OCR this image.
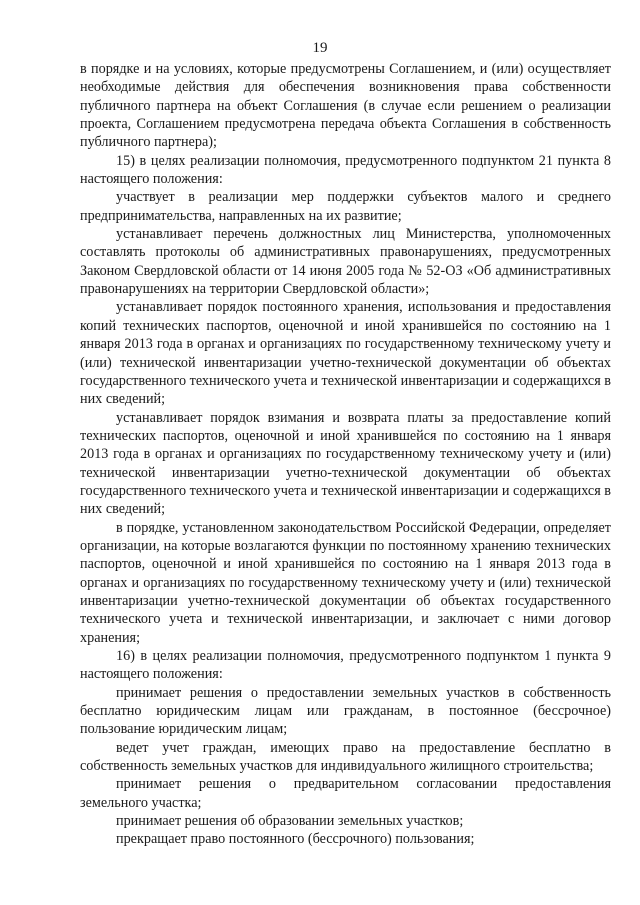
19

в порядке и на условиях, которые предусмотрены Соглашением, и (или) осуществляет необходимые действия для обеспечения возникновения права собственности публичного партнера на объект Соглашения (в случае если решением о реализации проекта, Соглашением предусмотрена передача объекта Соглашения в собственность публичного партнера);

15) в целях реализации полномочия, предусмотренного подпунктом 21 пункта 8 настоящего положения:

участвует в реализации мер поддержки субъектов малого и среднего предпринимательства, направленных на их развитие;

устанавливает перечень должностных лиц Министерства, уполномоченных составлять протоколы об административных правонарушениях, предусмотренных Законом Свердловской области от 14 июня 2005 года № 52-ОЗ «Об административных правонарушениях на территории Свердловской области»;

устанавливает порядок постоянного хранения, использования и предоставления копий технических паспортов, оценочной и иной хранившейся по состоянию на 1 января 2013 года в органах и организациях по государственному техническому учету и (или) технической инвентаризации учетно-технической документации об объектах государственного технического учета и технической инвентаризации и содержащихся в них сведений;

устанавливает порядок взимания и возврата платы за предоставление копий технических паспортов, оценочной и иной хранившейся по состоянию на 1 января 2013 года в органах и организациях по государственному техническому учету и (или) технической инвентаризации учетно-технической документации об объектах государственного технического учета и технической инвентаризации и содержащихся в них сведений;

в порядке, установленном законодательством Российской Федерации, определяет организации, на которые возлагаются функции по постоянному хранению технических паспортов, оценочной и иной хранившейся по состоянию на 1 января 2013 года в органах и организациях по государственному техническому учету и (или) технической инвентаризации учетно-технической документации об объектах государственного технического учета и технической инвентаризации, и заключает с ними договор хранения;

16) в целях реализации полномочия, предусмотренного подпунктом 1 пункта 9 настоящего положения:

принимает решения о предоставлении земельных участков в собственность бесплатно юридическим лицам или гражданам, в постоянное (бессрочное) пользование юридическим лицам;

ведет учет граждан, имеющих право на предоставление бесплатно в собственность земельных участков для индивидуального жилищного строительства;

принимает решения о предварительном согласовании предоставления земельного участка;

принимает решения об образовании земельных участков;

прекращает право постоянного (бессрочного) пользования;
